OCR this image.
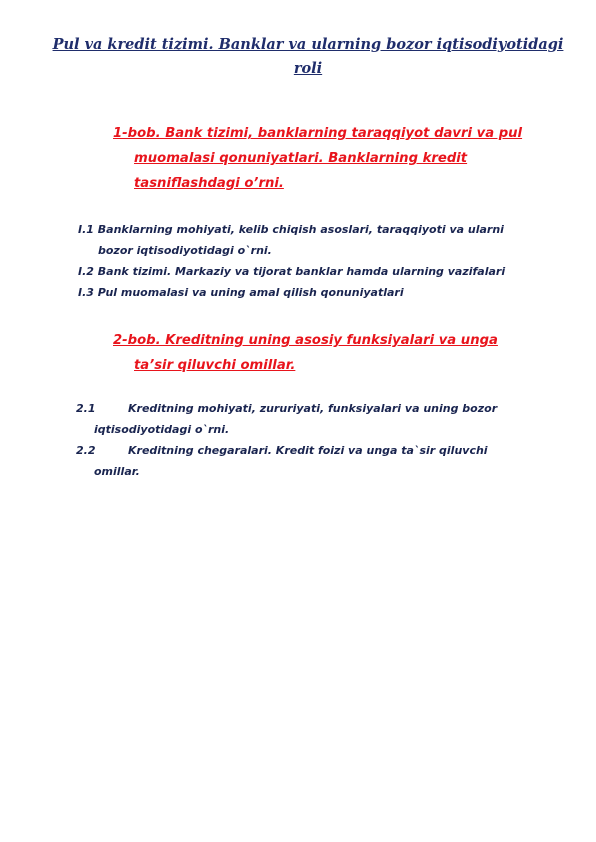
Pul va kredit tizimi. Banklar va ularning bozor iqtisodiyotidagi
roli
1-bob. Bank tizimi, banklarning taraqqiyot davri va pul
muomalasi qonuniyatlari. Banklarning kredit
tasniflashdagi o’rni.
I.1 Banklarning mohiyati, kelib chiqish asoslari, taraqqiyoti va ularni
bozor iqtisodiyotidagi o`rni.
I.2 Bank tizimi. Markaziy va tijorat banklar hamda ularning vazifalari
I.3 Pul muomalasi va uning amal qilish qonuniyatlari
2-bob. Kreditning uning asosiy funksiyalari va unga
ta’sir qiluvchi omillar.
2.1	Kreditning mohiyati, zururiyati, funksiyalari va uning bozor
iqtisodiyotidagi o`rni.
2.2	Kreditning chegaralari. Kredit foizi va unga ta`sir qiluvchi
omillar.
